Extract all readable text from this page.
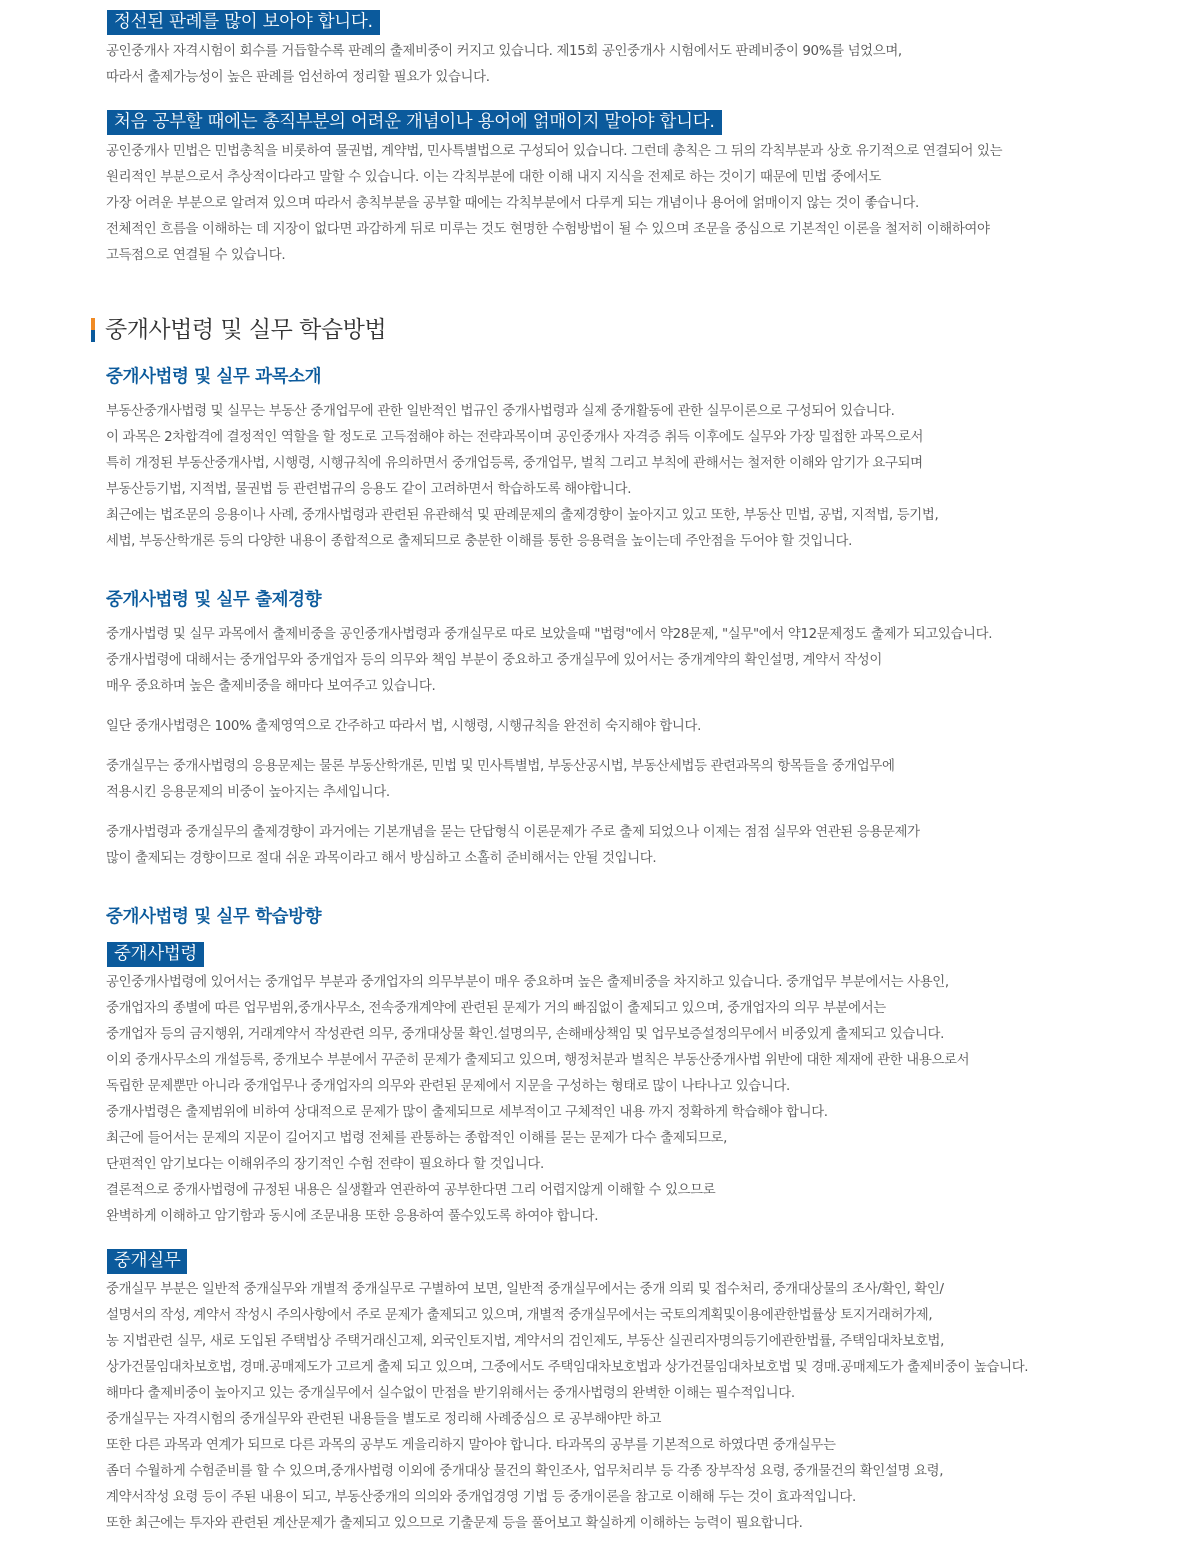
정선된 판례를 많이 보아야 합니다.
공인중개사 자격시험이 회수를 거듭할수록 판례의 출제비중이 커지고 있습니다. 제15회 공인중개사 시험에서도 판례비중이 90%를 넘었으며,
따라서 출제가능성이 높은 판례를 엄선하여 정리할 필요가 있습니다.
처음 공부할 때에는 총직부분의 어려운 개념이나 용어에 얽매이지 말아야 합니다.
공인중개사 민법은 민법총칙을 비롯하여 물권법, 계약법, 민사특별법으로 구성되어 있습니다. 그런데 총칙은 그 뒤의 각칙부분과 상호 유기적으로 연결되어 있는
원리적인 부분으로서 추상적이다라고 말할 수 있습니다. 이는 각칙부분에 대한 이해 내지 지식을 전제로 하는 것이기 때문에 민법 중에서도
가장 어려운 부분으로 알려져 있으며 따라서 총칙부분을 공부할 때에는 각칙부분에서 다루게 되는 개념이나 용어에 얽매이지 않는 것이 좋습니다.
전체적인 흐름을 이해하는 데 지장이 없다면 과감하게 뒤로 미루는 것도 현명한 수험방법이 될 수 있으며 조문을 중심으로 기본적인 이론을 철저히 이해하여야
고득점으로 연결될 수 있습니다.
중개사법령 및 실무 학습방법
중개사법령 및 실무 과목소개
부동산중개사법령 및 실무는 부동산 중개업무에 관한 일반적인 법규인 중개사법령과 실제 중개활동에 관한 실무이론으로 구성되어 있습니다.
이 과목은 2차합격에 결정적인 역할을 할 정도로 고득점해야 하는 전략과목이며 공인중개사 자격증 취득 이후에도 실무와 가장 밀접한 과목으로서
특히 개정된 부동산중개사법, 시행령, 시행규칙에 유의하면서 중개업등록, 중개업무, 벌칙 그리고 부칙에 관해서는 철저한 이해와 암기가 요구되며
부동산등기법, 지적법, 물권법 등 관련법규의 응용도 같이 고려하면서 학습하도록 해야합니다.
최근에는 법조문의 응용이나 사례, 중개사법령과 관련된 유관해석 및 판례문제의 출제경향이 높아지고 있고 또한, 부동산 민법, 공법, 지적법, 등기법,
세법, 부동산학개론 등의 다양한 내용이 종합적으로 출제되므로 충분한 이해를 통한 응용력을 높이는데 주안점을 두어야 할 것입니다.
중개사법령 및 실무 출제경향
중개사법령 및 실무 과목에서 출제비중을 공인중개사법령과 중개실무로 따로 보았을때 "법령"에서 약28문제, "실무"에서 약12문제정도 출제가 되고있습니다.
중개사법령에 대해서는 중개업무와 중개업자 등의 의무와 책임 부분이 중요하고 중개실무에 있어서는 중개계약의 확인설명, 계약서 작성이
매우 중요하며 높은 출제비중을 해마다 보여주고 있습니다.
일단 중개사법령은 100% 출제영역으로 간주하고 따라서 법, 시행령, 시행규칙을 완전히 숙지해야 합니다.
중개실무는 중개사법령의 응용문제는 물론 부동산학개론, 민법 및 민사특별법, 부동산공시법, 부동산세법등 관련과목의 항목들을 중개업무에
적용시킨 응용문제의 비중이 높아지는 추세입니다.
중개사법령과 중개실무의 출제경향이 과거에는 기본개념을 묻는 단답형식 이론문제가 주로 출제 되었으나 이제는 점점 실무와 연관된 응용문제가
많이 출제되는 경향이므로 절대 쉬운 과목이라고 해서 방심하고 소홀히 준비해서는 안될 것입니다.
중개사법령 및 실무 학습방향
중개사법령
공인중개사법령에 있어서는 중개업무 부분과 중개업자의 의무부분이 매우 중요하며 높은 출제비중을 차지하고 있습니다. 중개업무 부분에서는 사용인,
중개업자의 종별에 따른 업무범위,중개사무소, 전속중개계약에 관련된 문제가 거의 빠짐없이 출제되고 있으며, 중개업자의 의무 부분에서는
중개업자 등의 금지행위, 거래계약서 작성관련 의무, 중개대상물 확인.설명의무, 손해배상책임 및 업무보증설정의무에서 비중있게 출제되고 있습니다.
이외 중개사무소의 개설등록, 중개보수 부분에서 꾸준히 문제가 출제되고 있으며, 행정처분과 벌칙은 부동산중개사법 위반에 대한 제재에 관한 내용으로서
독립한 문제뿐만 아니라 중개업무나 중개업자의 의무와 관련된 문제에서 지문을 구성하는 형태로 많이 나타나고 있습니다.
중개사법령은 출제범위에 비하여 상대적으로 문제가 많이 출제되므로 세부적이고 구체적인 내용 까지 정확하게 학습해야 합니다.
최근에 들어서는 문제의 지문이 길어지고 법령 전체를 관통하는 종합적인 이해를 묻는 문제가 다수 출제되므로,
단편적인 암기보다는 이해위주의 장기적인 수험 전략이 필요하다 할 것입니다.
결론적으로 중개사법령에 규정된 내용은 실생활과 연관하여 공부한다면 그리 어렵지않게 이해할 수 있으므로
완벽하게 이해하고 암기함과 동시에 조문내용 또한 응용하여 풀수있도록 하여야 합니다.
중개실무
중개실무 부분은 일반적 중개실무와 개별적 중개실무로 구별하여 보면, 일반적 중개실무에서는 중개 의뢰 및 접수처리, 중개대상물의 조사/확인, 확인/
설명서의 작성, 계약서 작성시 주의사항에서 주로 문제가 출제되고 있으며, 개별적 중개실무에서는 국토의계획및이용에관한법률상 토지거래허가제,
농 지법관련 실무, 새로 도입된 주택법상 주택거래신고제, 외국인토지법, 계약서의 검인제도, 부동산 실권리자명의등기에관한법률, 주택임대차보호법,
상가건물임대차보호법, 경매.공매제도가 고르게 출제 되고 있으며, 그중에서도 주택임대차보호법과 상가건물임대차보호법 및 경매.공매제도가 출제비중이 높습니다.
해마다 출제비중이 높아지고 있는 중개실무에서 실수없이 만점을 받기위해서는 중개사법령의 완벽한 이해는 필수적입니다.
중개실무는 자격시험의 중개실무와 관련된 내용들을 별도로 정리해 사례중심으 로 공부해야만 하고
또한 다른 과목과 연계가 되므로 다른 과목의 공부도 게을리하지 말아야 합니다. 타과목의 공부를 기본적으로 하였다면 중개실무는
좀더 수월하게 수험준비를 할 수 있으며,중개사법령 이외에 중개대상 물건의 확인조사, 업무처리부 등 각종 장부작성 요령, 중개물건의 확인설명 요령,
계약서작성 요령 등이 주된 내용이 되고, 부동산중개의 의의와 중개업경영 기법 등 중개이론을 참고로 이해해 두는 것이 효과적입니다.
또한 최근에는 투자와 관련된 계산문제가 출제되고 있으므로 기출문제 등을 풀어보고 확실하게 이해하는 능력이 필요합니다.
